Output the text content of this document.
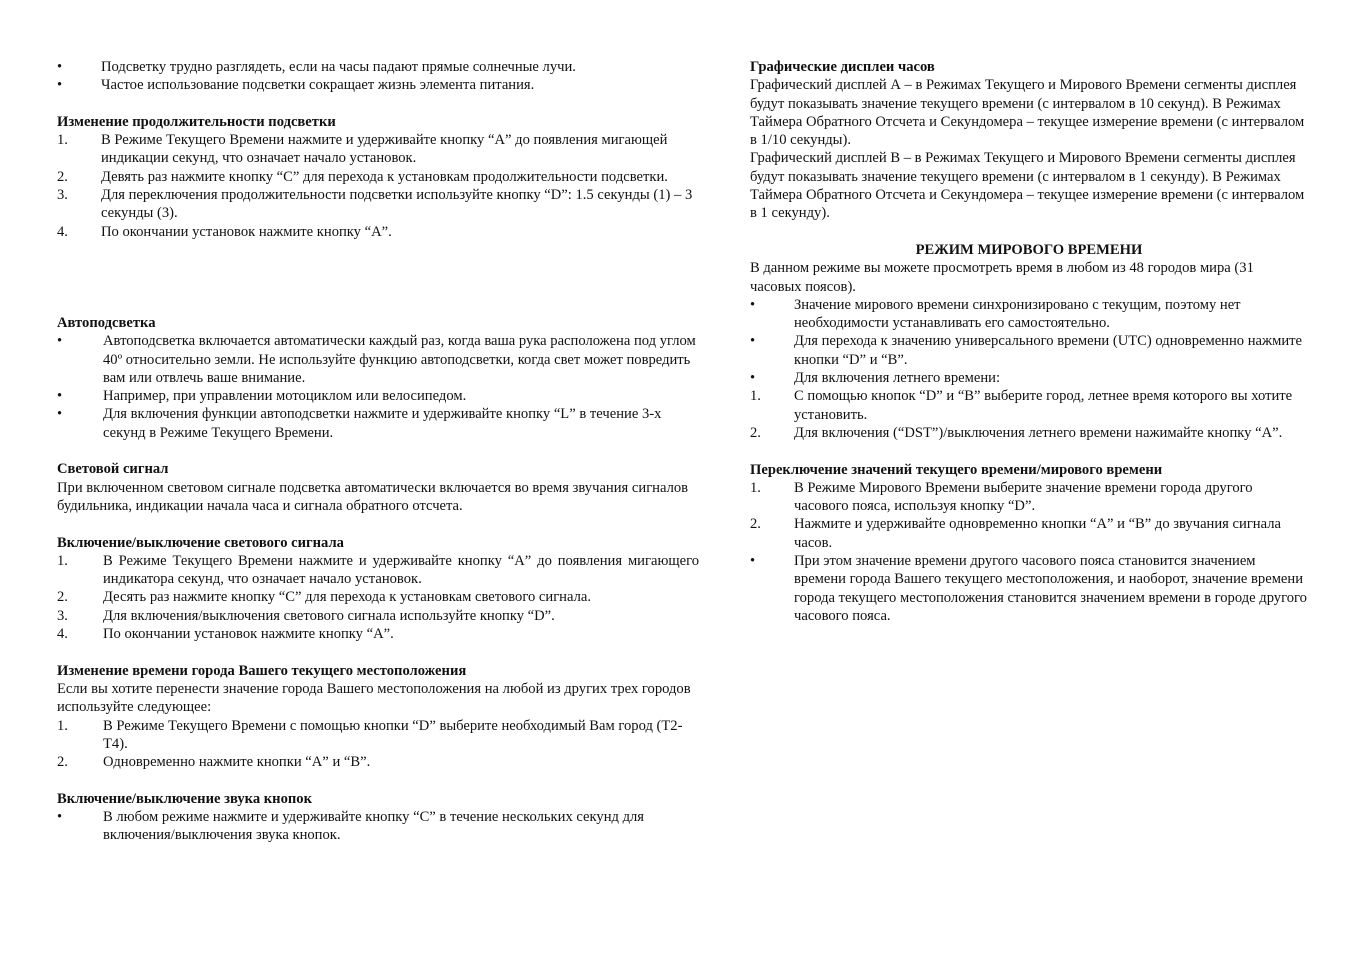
•	Подсветку трудно разглядеть, если на часы падают прямые солнечные лучи.
•	Частое использование подсветки сокращает жизнь элемента питания.

Изменение продолжительности подсветки

1.	В Режиме Текущего Времени нажмите и удерживайте кнопку “А” до появления мигающей индикации секунд, что означает начало установок.
2.	Девять раз нажмите кнопку “С” для перехода к установкам продолжительности подсветки.
3.	Для переключения продолжительности подсветки используйте кнопку “D”: 1.5 секунды (1) – 3 секунды (3).
4.	По окончании установок нажмите кнопку “А”.

Автоподсветка

•	Автоподсветка включается автоматически каждый раз, когда ваша рука расположена под углом 40º относительно земли. Не используйте функцию автоподсветки, когда свет может повредить вам или отвлечь ваше внимание.
•	Например, при управлении мотоциклом или велосипедом.
•	Для включения функции автоподсветки нажмите и удерживайте кнопку “L” в течение 3-х секунд в Режиме Текущего Времени.

Световой сигнал

При включенном световом сигнале подсветка автоматически включается во время звучания сигналов будильника, индикации начала часа и сигнала обратного отсчета.

Включение/выключение светового сигнала

1.	В Режиме Текущего Времени нажмите и удерживайте кнопку “А” до появления мигающего индикатора секунд, что означает начало установок.
2.	Десять раз нажмите кнопку “С” для перехода к установкам светового сигнала.
3.	Для включения/выключения светового сигнала используйте кнопку “D”.
4.	По окончании установок нажмите кнопку “А”.

Изменение времени города Вашего текущего местоположения

Если вы хотите перенести значение города Вашего местоположения на любой из других трех городов используйте следующее:

1.	В Режиме Текущего Времени с помощью кнопки “D” выберите необходимый Вам город (T2-T4).
2.	Одновременно нажмите кнопки “А” и “В”.

Включение/выключение звука кнопок

•	В любом режиме нажмите и удерживайте кнопку “С” в течение нескольких секунд для включения/выключения звука кнопок.

Графические дисплеи часов

Графический дисплей А – в Режимах Текущего и Мирового Времени сегменты дисплея будут показывать значение текущего времени (с интервалом в 10 секунд). В Режимах Таймера Обратного Отсчета и Секундомера – текущее измерение времени (с интервалом в 1/10 секунды).

Графический дисплей В – в Режимах Текущего и Мирового Времени сегменты дисплея будут показывать значение текущего времени (с интервалом в 1 секунду). В Режимах Таймера Обратного Отсчета и Секундомера – текущее измерение времени (с интервалом в 1 секунду).

РЕЖИМ МИРОВОГО ВРЕМЕНИ

В данном режиме вы можете просмотреть время в любом из 48 городов мира (31 часовых поясов).

•	Значение мирового времени синхронизировано с текущим, поэтому нет необходимости устанавливать его самостоятельно.
•	Для перехода к значению универсального времени (UTC) одновременно нажмите кнопки “D” и “В”.
•	Для включения летнего времени:
1.	С помощью кнопок “D” и “В” выберите город, летнее время которого вы хотите установить.
2.	Для включения (“DST”)/выключения летнего времени нажимайте кнопку “А”.

Переключение значений текущего времени/мирового времени

1.	В Режиме Мирового Времени выберите значение времени города другого часового пояса, используя кнопку “D”.
2.	Нажмите и удерживайте одновременно кнопки “А” и “В” до звучания сигнала часов.
•	При этом значение времени другого часового пояса становится значением времени города Вашего текущего местоположения, и наоборот, значение времени города текущего местоположения становится значением времени в городе другого часового пояса.
